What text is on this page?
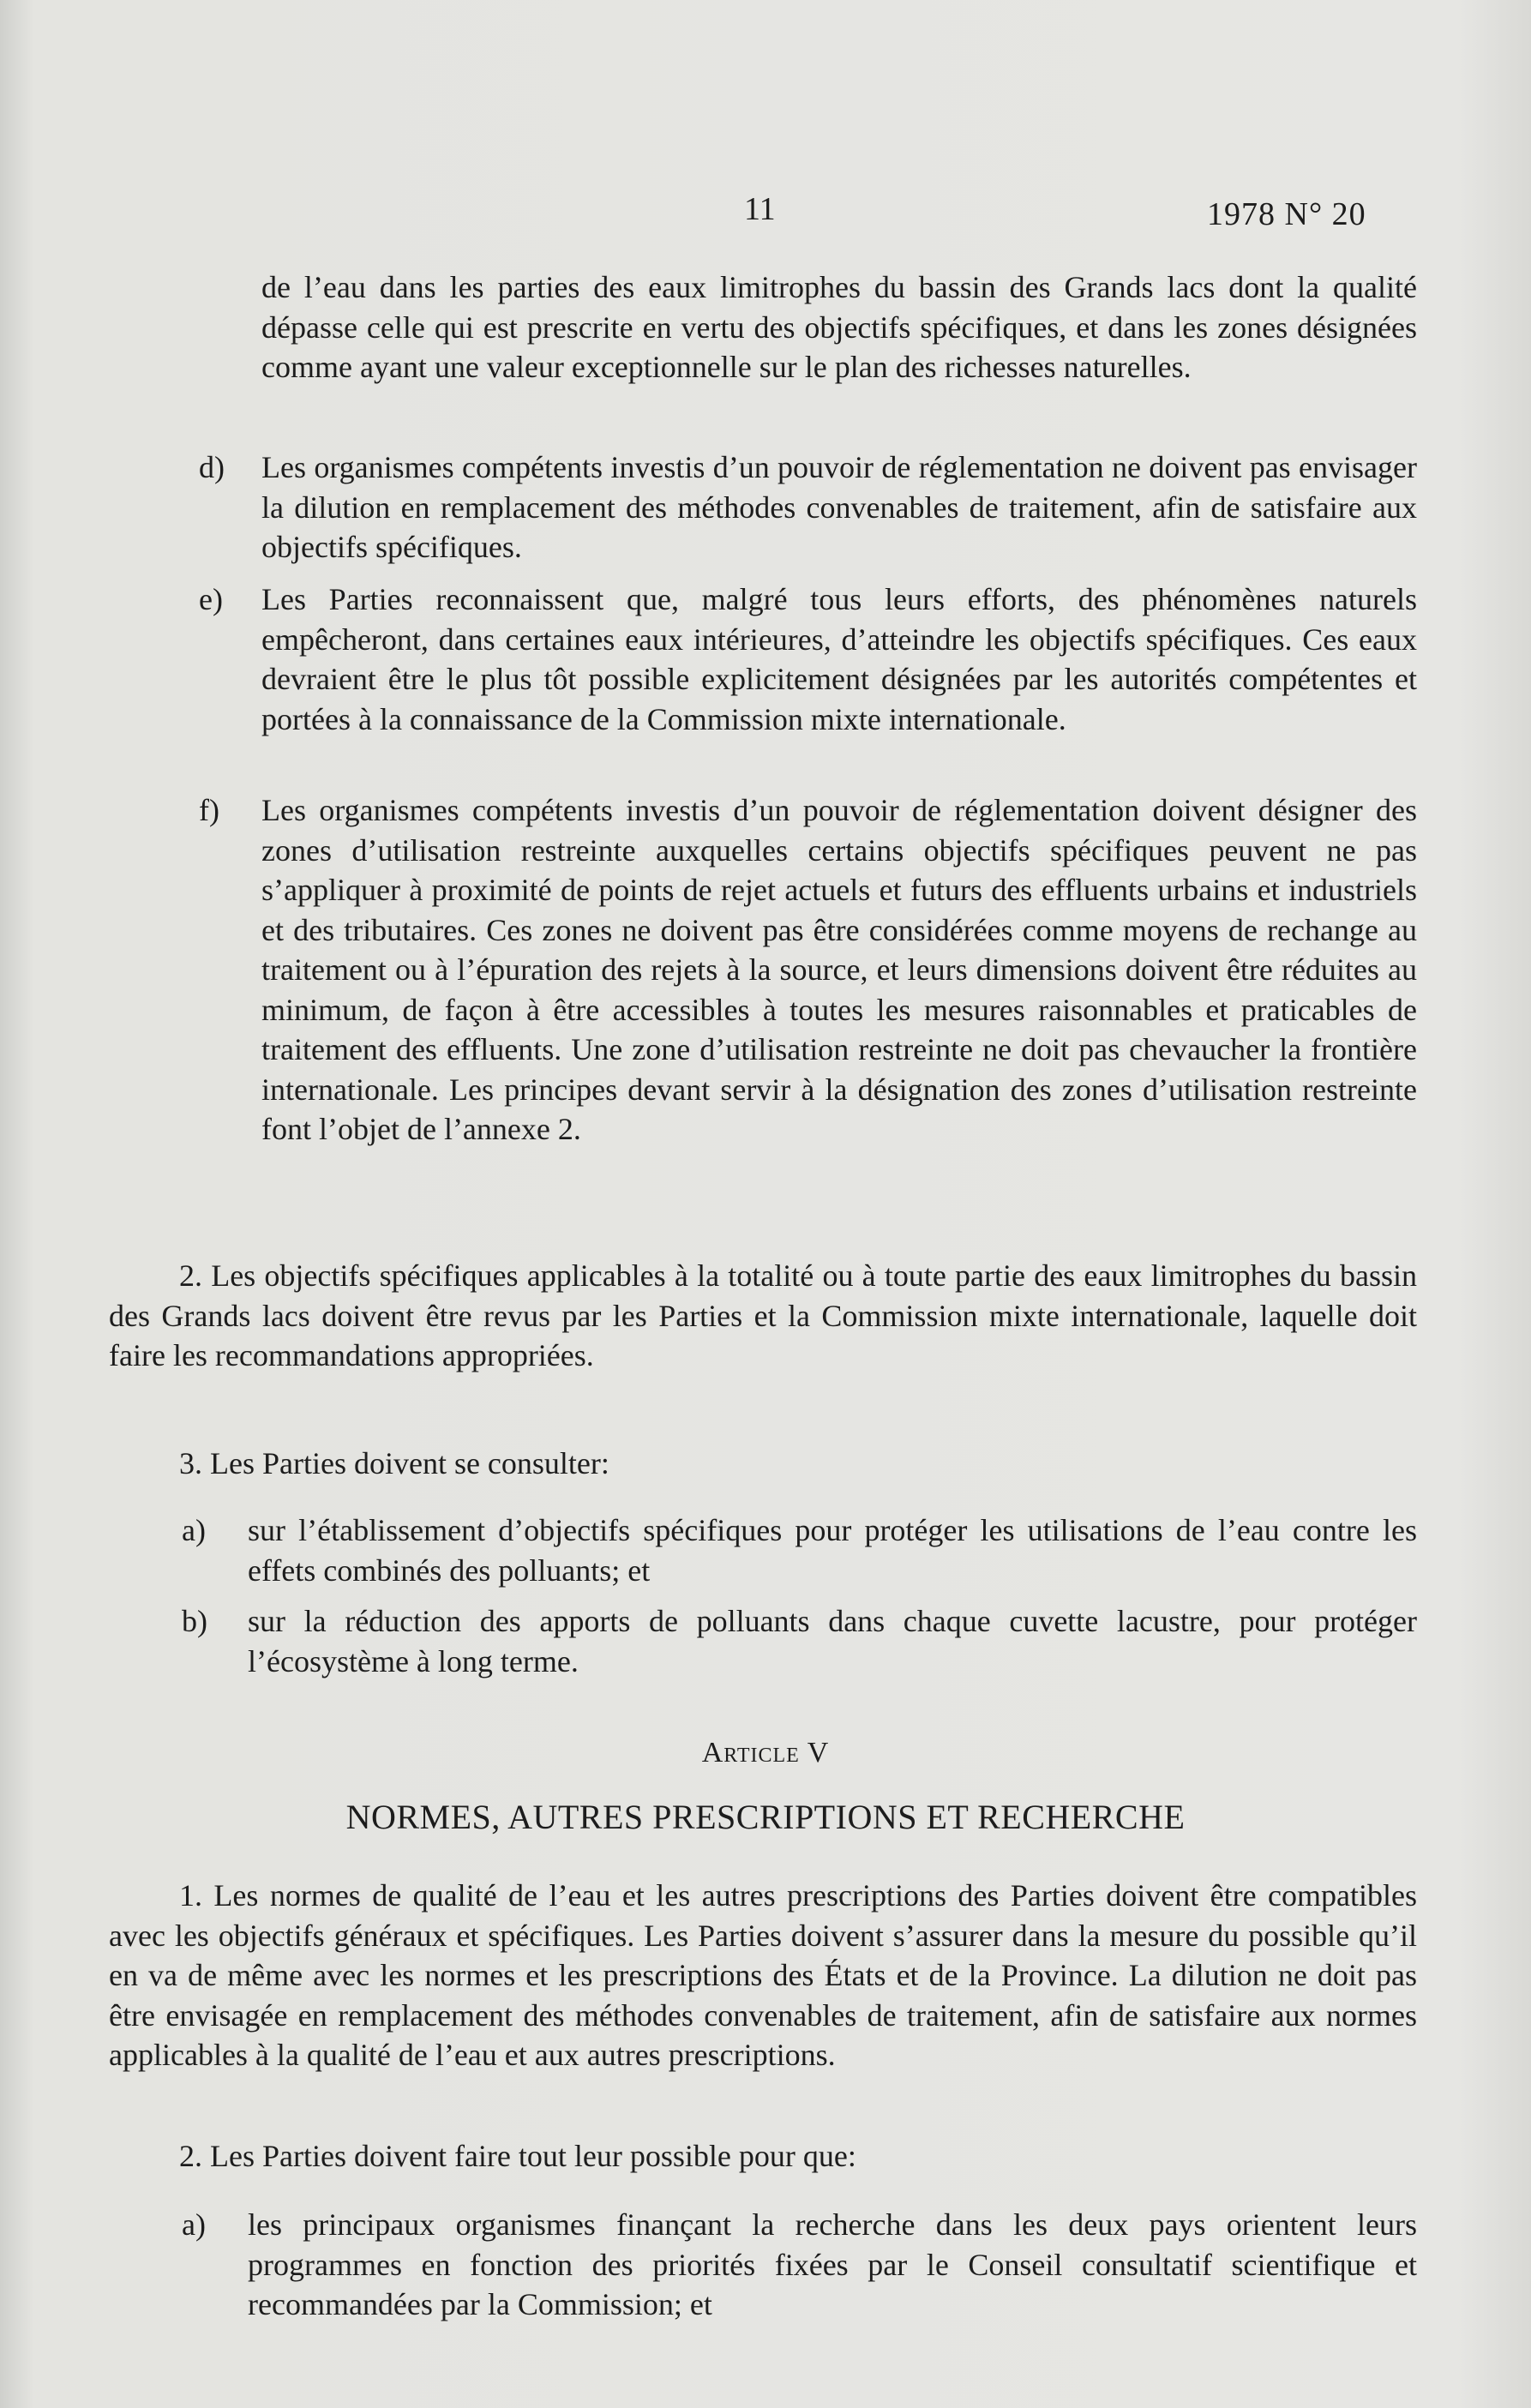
11	1978 N° 20
de l’eau dans les parties des eaux limitrophes du bassin des Grands lacs dont la qualité dépasse celle qui est prescrite en vertu des objectifs spécifiques, et dans les zones désignées comme ayant une valeur exceptionnelle sur le plan des richesses naturelles.
d)	Les organismes compétents investis d’un pouvoir de réglementation ne doivent pas envisager la dilution en remplacement des méthodes convenables de traitement, afin de satisfaire aux objectifs spécifiques.
e)	Les Parties reconnaissent que, malgré tous leurs efforts, des phénomènes naturels empêcheront, dans certaines eaux intérieures, d’atteindre les objectifs spécifiques. Ces eaux devraient être le plus tôt possible explicitement désignées par les autorités compétentes et portées à la connaissance de la Commission mixte internationale.
f)	Les organismes compétents investis d’un pouvoir de réglementation doivent désigner des zones d’utilisation restreinte auxquelles certains objectifs spécifiques peuvent ne pas s’appliquer à proximité de points de rejet actuels et futurs des effluents urbains et industriels et des tributaires. Ces zones ne doivent pas être considérées comme moyens de rechange au traitement ou à l’épuration des rejets à la source, et leurs dimensions doivent être réduites au minimum, de façon à être accessibles à toutes les mesures raisonnables et praticables de traitement des effluents. Une zone d’utilisation restreinte ne doit pas chevaucher la frontière internationale. Les principes devant servir à la désignation des zones d’utilisation restreinte font l’objet de l’annexe 2.
2. Les objectifs spécifiques applicables à la totalité ou à toute partie des eaux limitrophes du bassin des Grands lacs doivent être revus par les Parties et la Commission mixte internationale, laquelle doit faire les recommandations appropriées.
3. Les Parties doivent se consulter:
a)	sur l’établissement d’objectifs spécifiques pour protéger les utilisations de l’eau contre les effets combinés des polluants; et
b)	sur la réduction des apports de polluants dans chaque cuvette lacustre, pour protéger l’écosystème à long terme.
Article V
NORMES, AUTRES PRESCRIPTIONS ET RECHERCHE
1. Les normes de qualité de l’eau et les autres prescriptions des Parties doivent être compatibles avec les objectifs généraux et spécifiques. Les Parties doivent s’assurer dans la mesure du possible qu’il en va de même avec les normes et les prescriptions des États et de la Province. La dilution ne doit pas être envisagée en remplacement des méthodes convenables de traitement, afin de satisfaire aux normes applicables à la qualité de l’eau et aux autres prescriptions.
2. Les Parties doivent faire tout leur possible pour que:
a)	les principaux organismes finançant la recherche dans les deux pays orientent leurs programmes en fonction des priorités fixées par le Conseil consultatif scientifique et recommandées par la Commission; et
